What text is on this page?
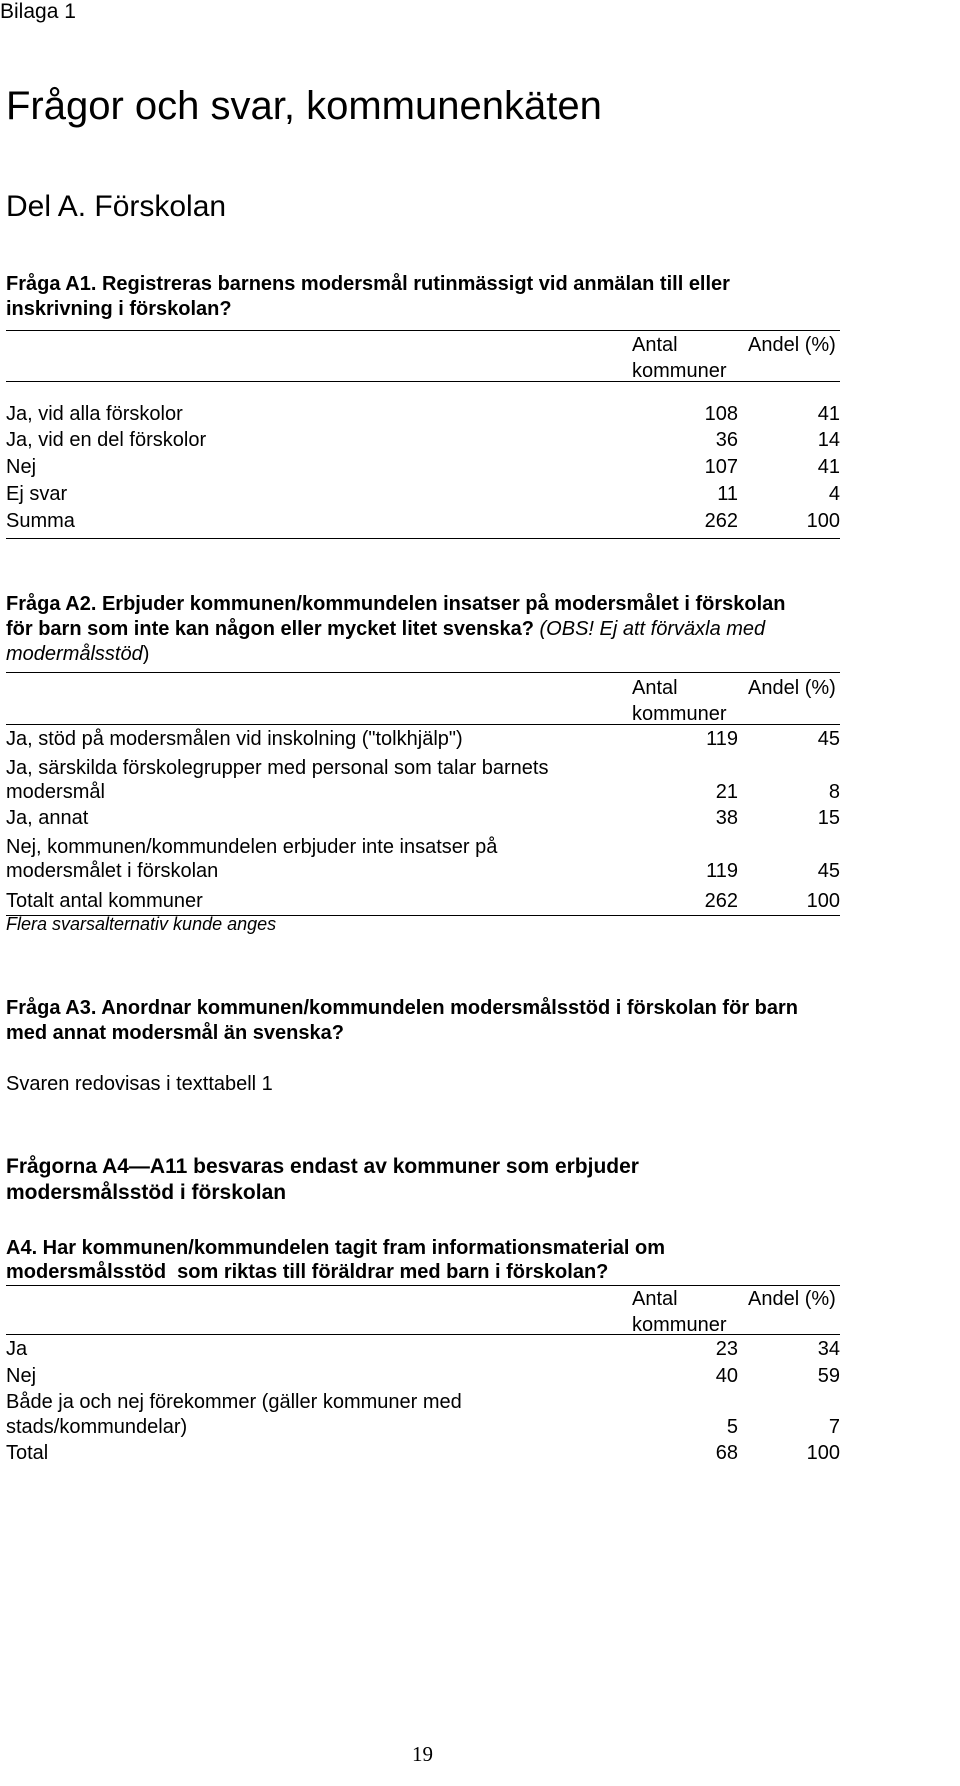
Bilaga 1
Frågor och svar, kommunenkäten
Del A. Förskolan
Fråga A1. Registreras barnens modersmål rutinmässigt vid anmälan till eller
inskrivning i förskolan?
Antal
kommuner
Andel (%)
Ja, vid alla förskolor	108	41
Ja, vid en del förskolor	36	14
Nej	107	41
Ej svar	11	4
Summa	262	100
Fråga A2. Erbjuder kommunen/kommundelen insatser på modersmålet i förskolan
för barn som inte kan någon eller mycket litet svenska? (OBS! Ej att förväxla med
modermålsstöd)
Antal
kommuner
Andel (%)
Ja, stöd på modersmålen vid inskolning ("tolkhjälp")	119	45
Ja, särskilda förskolegrupper med personal som talar barnets
modersmål	21	8
Ja, annat	38	15
Nej, kommunen/kommundelen erbjuder inte insatser på
modersmålet i förskolan	119	45
Totalt antal kommuner	262	100
Flera svarsalternativ kunde anges
Fråga A3. Anordnar kommunen/kommundelen modersmålsstöd i förskolan för barn
med annat modersmål än svenska?
Svaren redovisas i texttabell 1
Frågorna A4—A11 besvaras endast av kommuner som erbjuder
modersmålsstöd i förskolan
A4. Har kommunen/kommundelen tagit fram informationsmaterial om
modersmålsstöd  som riktas till föräldrar med barn i förskolan?
Antal
kommuner
Andel (%)
Ja	23	34
Nej	40	59
Både ja och nej förekommer (gäller kommuner med
stads/kommundelar)	5	7
Total	68	100
19
